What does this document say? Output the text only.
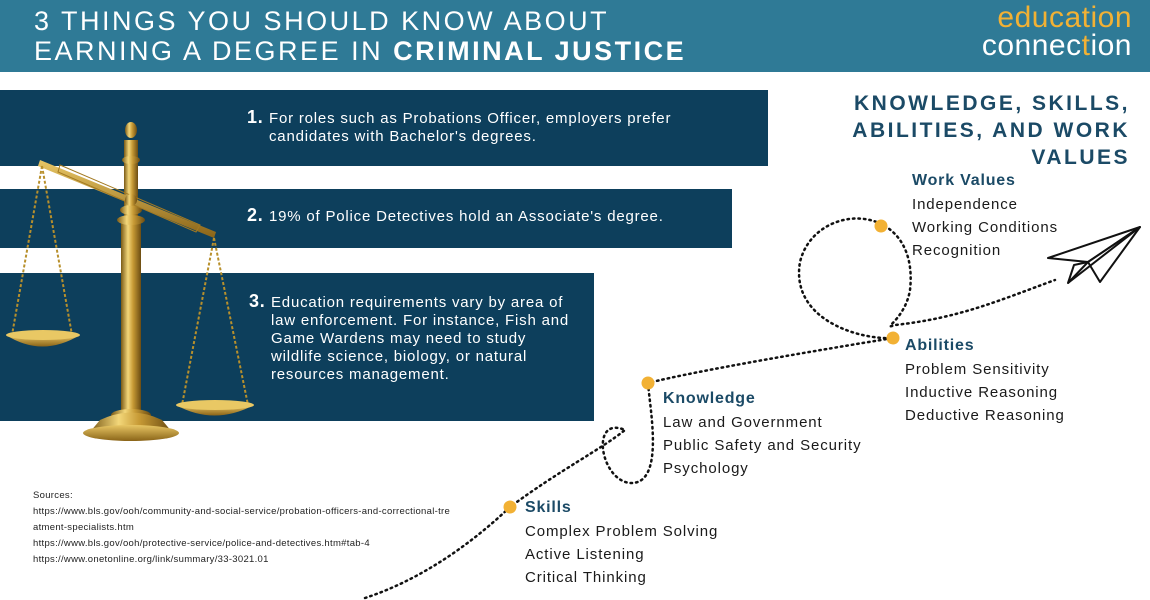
3 THINGS YOU SHOULD KNOW ABOUT
EARNING A DEGREE IN CRIMINAL JUSTICE
education
connection
1. For roles such as Probations Officer, employers prefer candidates with Bachelor's degrees.
2. 19% of Police Detectives hold an Associate's degree.
3. Education requirements vary by area of law enforcement. For instance, Fish and Game Wardens may need to study wildlife science, biology, or natural resources management.
Sources:
https://www.bls.gov/ooh/community-and-social-service/probation-officers-and-correctional-treatment-specialists.htm
https://www.bls.gov/ooh/protective-service/police-and-detectives.htm#tab-4
https://www.onetonline.org/link/summary/33-3021.01
KNOWLEDGE, SKILLS, ABILITIES, AND WORK VALUES
Work Values
Independence
Working Conditions
Recognition
Abilities
Problem Sensitivity
Inductive Reasoning
Deductive Reasoning
Knowledge
Law and Government
Public Safety and Security
Psychology
Skills
Complex Problem Solving
Active Listening
Critical Thinking
